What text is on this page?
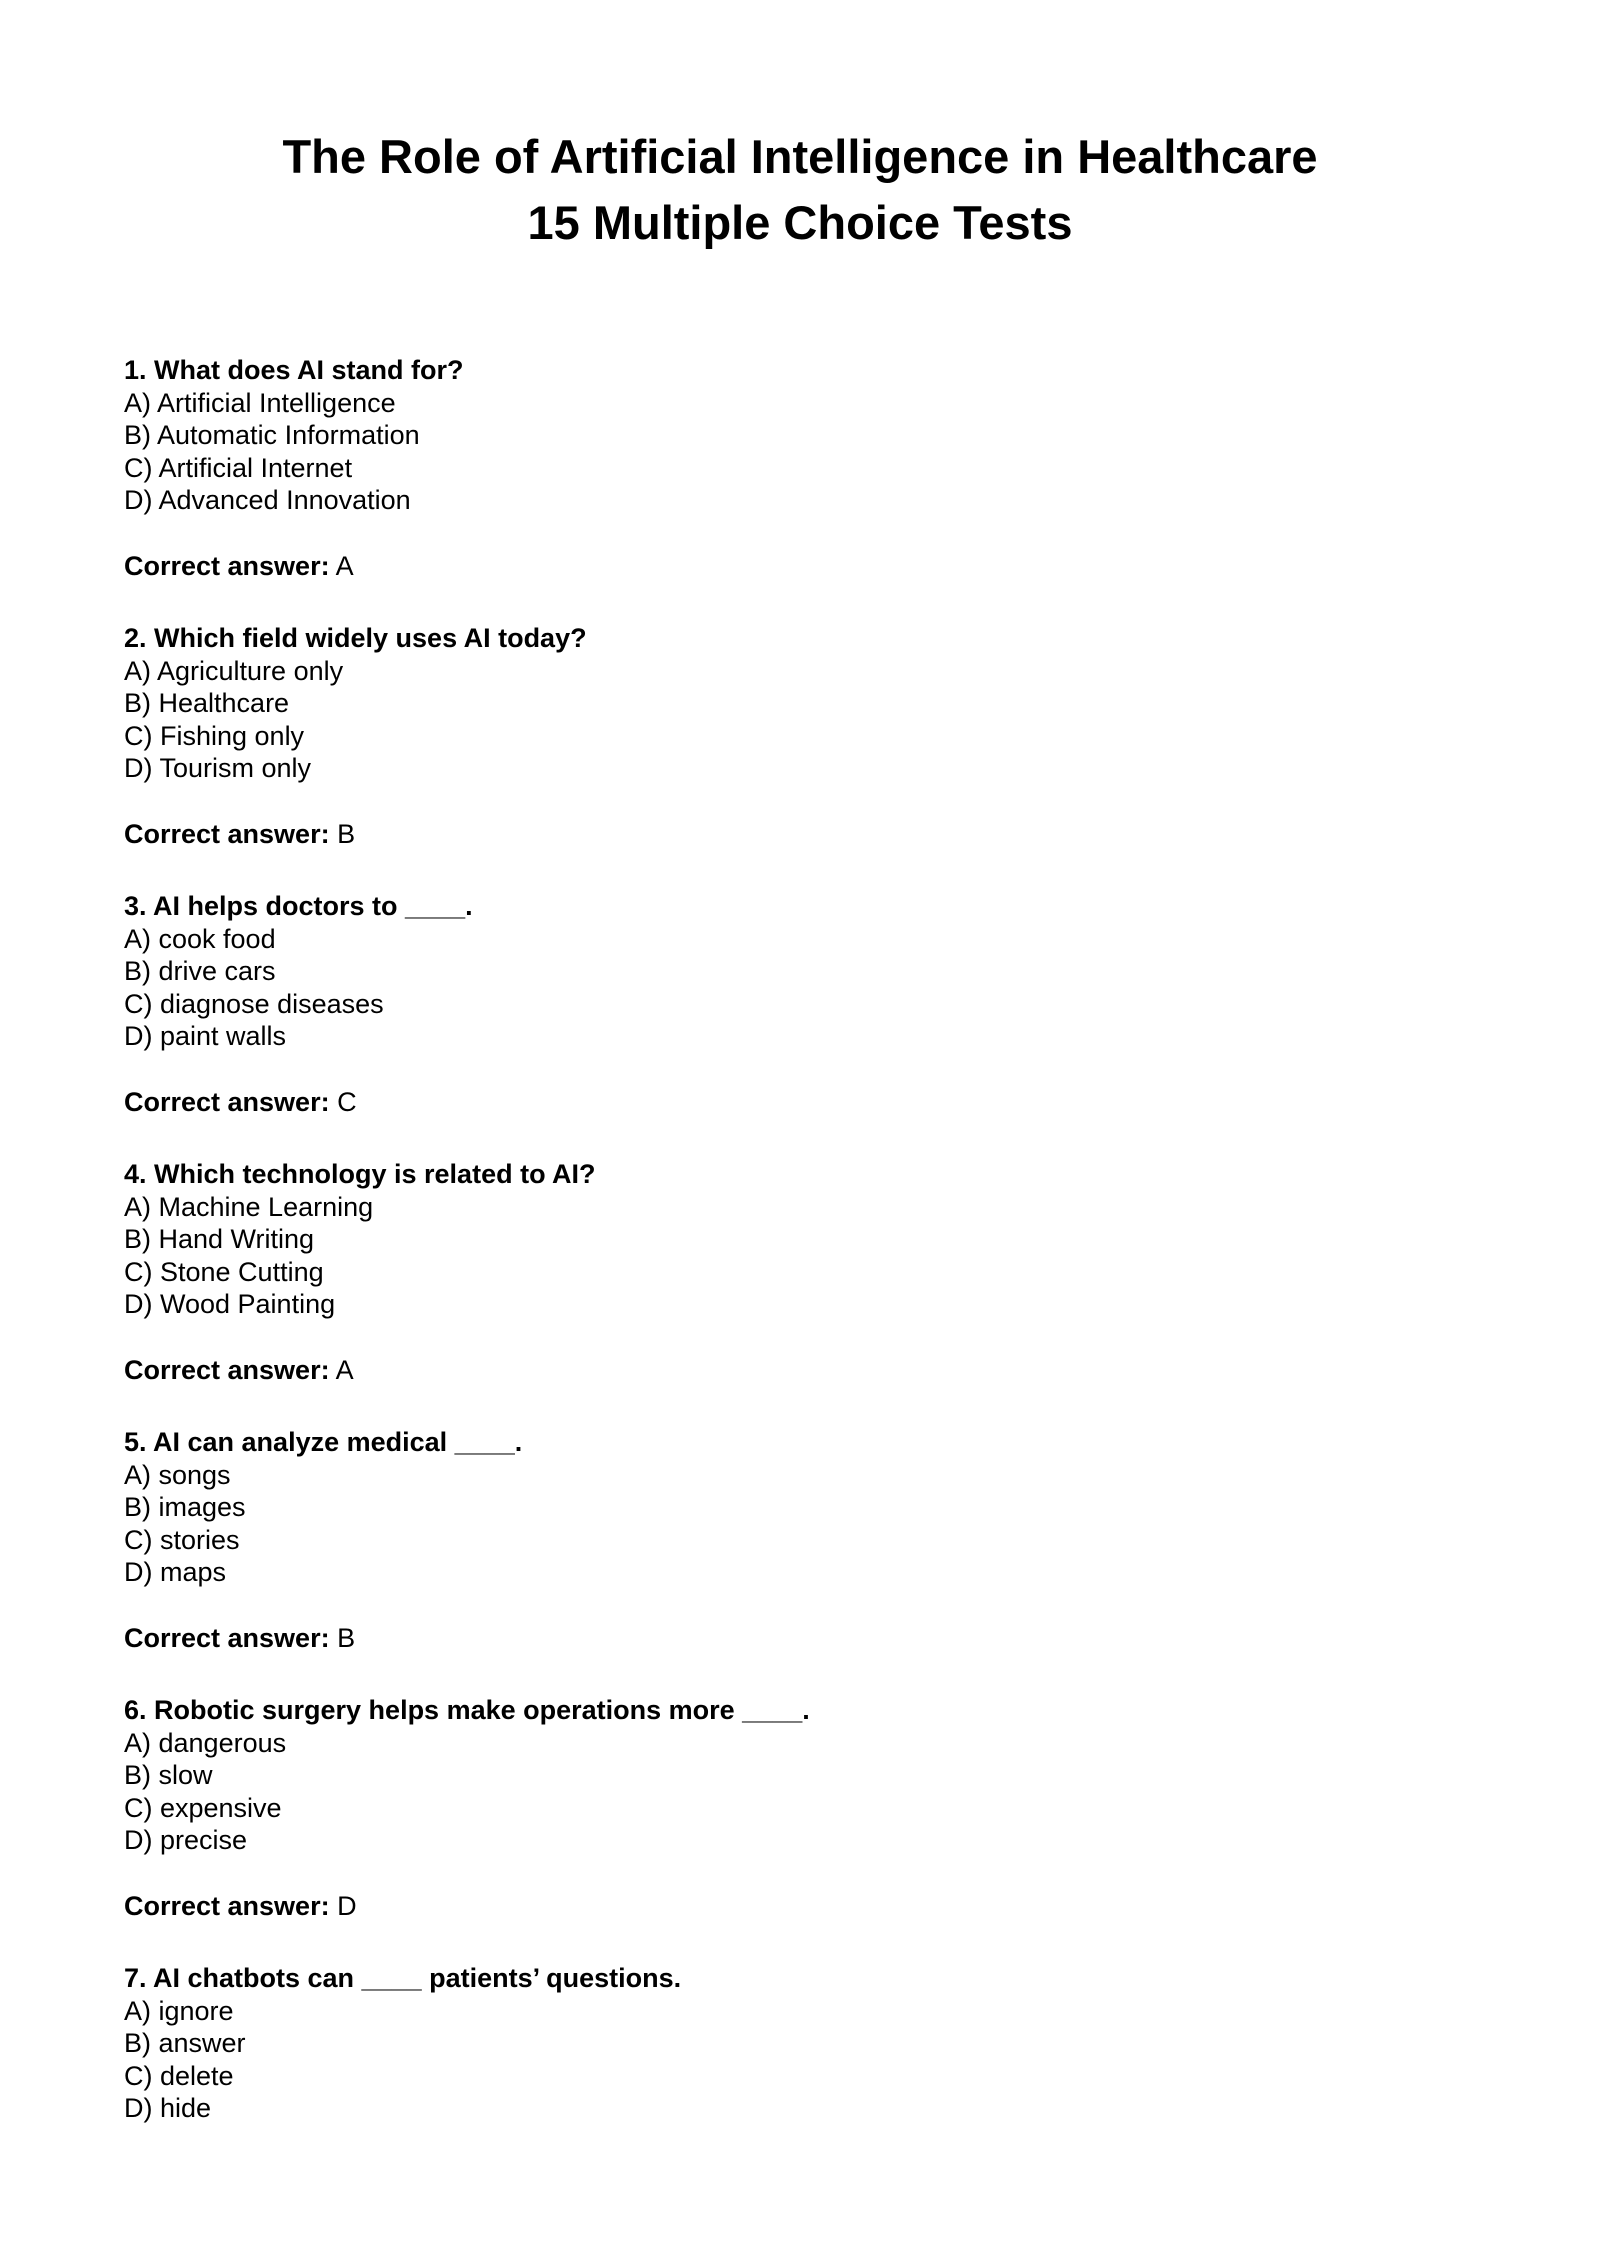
The Role of Artificial Intelligence in Healthcare

15 Multiple Choice Tests

1. What does AI stand for?

A) Artificial Intelligence
B) Automatic Information
C) Artificial Internet
D) Advanced Innovation

Correct answer: A

2. Which field widely uses AI today?

A) Agriculture only
B) Healthcare
C) Fishing only
D) Tourism only

Correct answer: B

3. AI helps doctors to ____.

A) cook food
B) drive cars
C) diagnose diseases
D) paint walls

Correct answer: C

4. Which technology is related to AI?

A) Machine Learning
B) Hand Writing
C) Stone Cutting
D) Wood Painting

Correct answer: A

5. AI can analyze medical ____.

A) songs
B) images
C) stories
D) maps

Correct answer: B

6. Robotic surgery helps make operations more ____.

A) dangerous
B) slow
C) expensive
D) precise

Correct answer: D

7. AI chatbots can ____ patients’ questions.

A) ignore
B) answer
C) delete
D) hide
